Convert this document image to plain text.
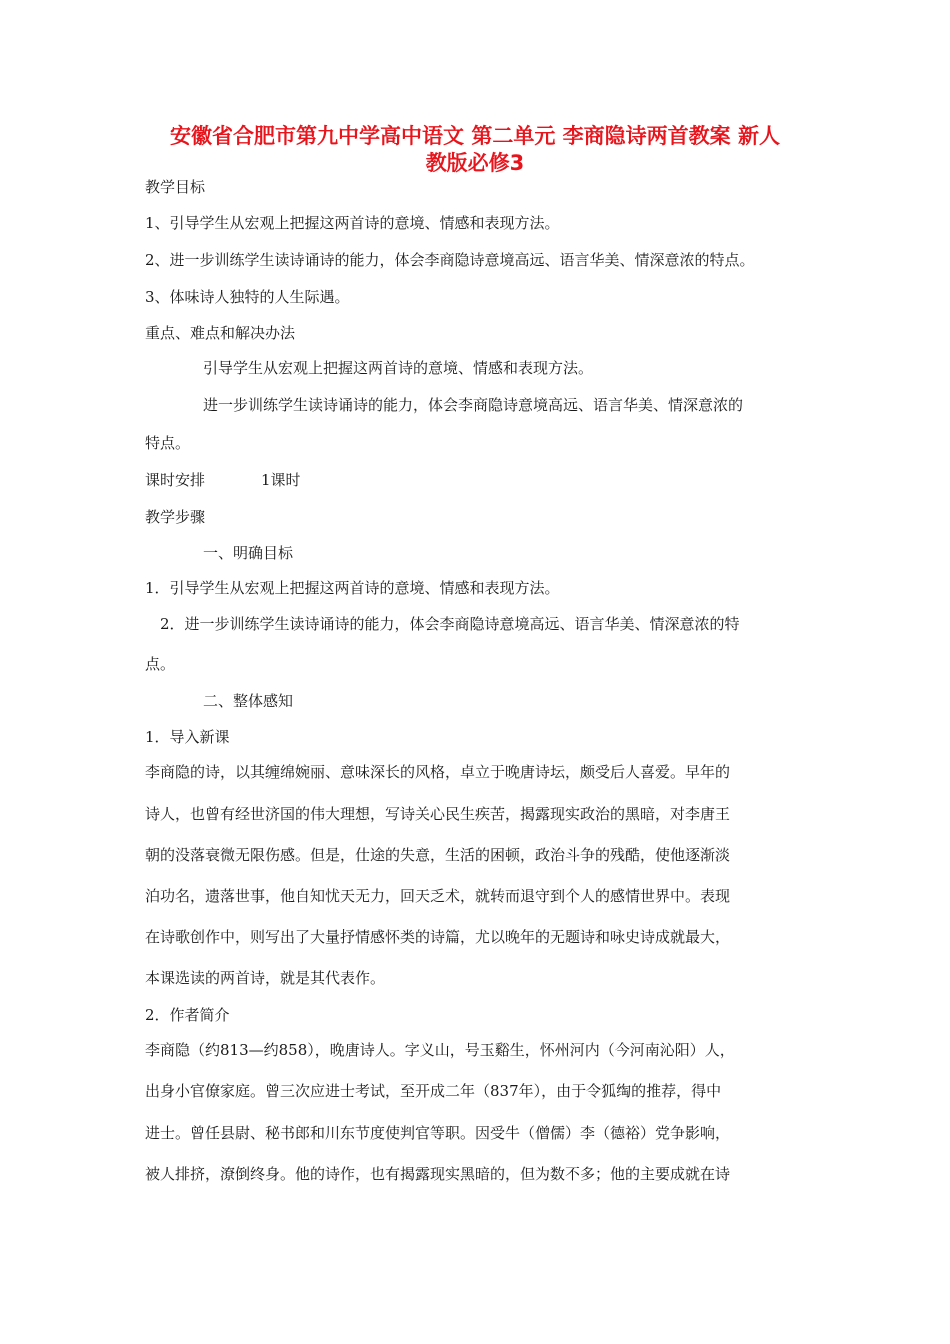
安徽省合肥市第九中学高中语文 第二单元 李商隐诗两首教案 新人
教版必修3

教学目标

1、引导学生从宏观上把握这两首诗的意境、情感和表现方法。

2、进一步训练学生读诗诵诗的能力，体会李商隐诗意境高远、语言华美、情深意浓的特点。

3、体味诗人独特的人生际遇。

重点、难点和解决办法

引导学生从宏观上把握这两首诗的意境、情感和表现方法。

进一步训练学生读诗诵诗的能力，体会李商隐诗意境高远、语言华美、情深意浓的

特点。

课时安排	1课时

教学步骤

一、明确目标

1．引导学生从宏观上把握这两首诗的意境、情感和表现方法。

2．进一步训练学生读诗诵诗的能力，体会李商隐诗意境高远、语言华美、情深意浓的特

点。

二、整体感知

1．导入新课

李商隐的诗，以其缠绵婉丽、意味深长的风格，卓立于晚唐诗坛，颇受后人喜爱。早年的

诗人，也曾有经世济国的伟大理想，写诗关心民生疾苦，揭露现实政治的黑暗，对李唐王

朝的没落衰微无限伤感。但是，仕途的失意，生活的困顿，政治斗争的残酷，使他逐渐淡

泊功名，遗落世事，他自知忧天无力，回天乏术，就转而退守到个人的感情世界中。表现

在诗歌创作中，则写出了大量抒情感怀类的诗篇，尤以晚年的无题诗和咏史诗成就最大，

本课选读的两首诗，就是其代表作。

2．作者简介

李商隐（约813—约858），晚唐诗人。字义山，号玉谿生，怀州河内（今河南沁阳）人，

出身小官僚家庭。曾三次应进士考试，至开成二年（837年），由于令狐绹的推荐，得中

进士。曾任县尉、秘书郎和川东节度使判官等职。因受牛（僧儒）李（德裕）党争影响，

被人排挤，潦倒终身。他的诗作，也有揭露现实黑暗的，但为数不多；他的主要成就在诗
